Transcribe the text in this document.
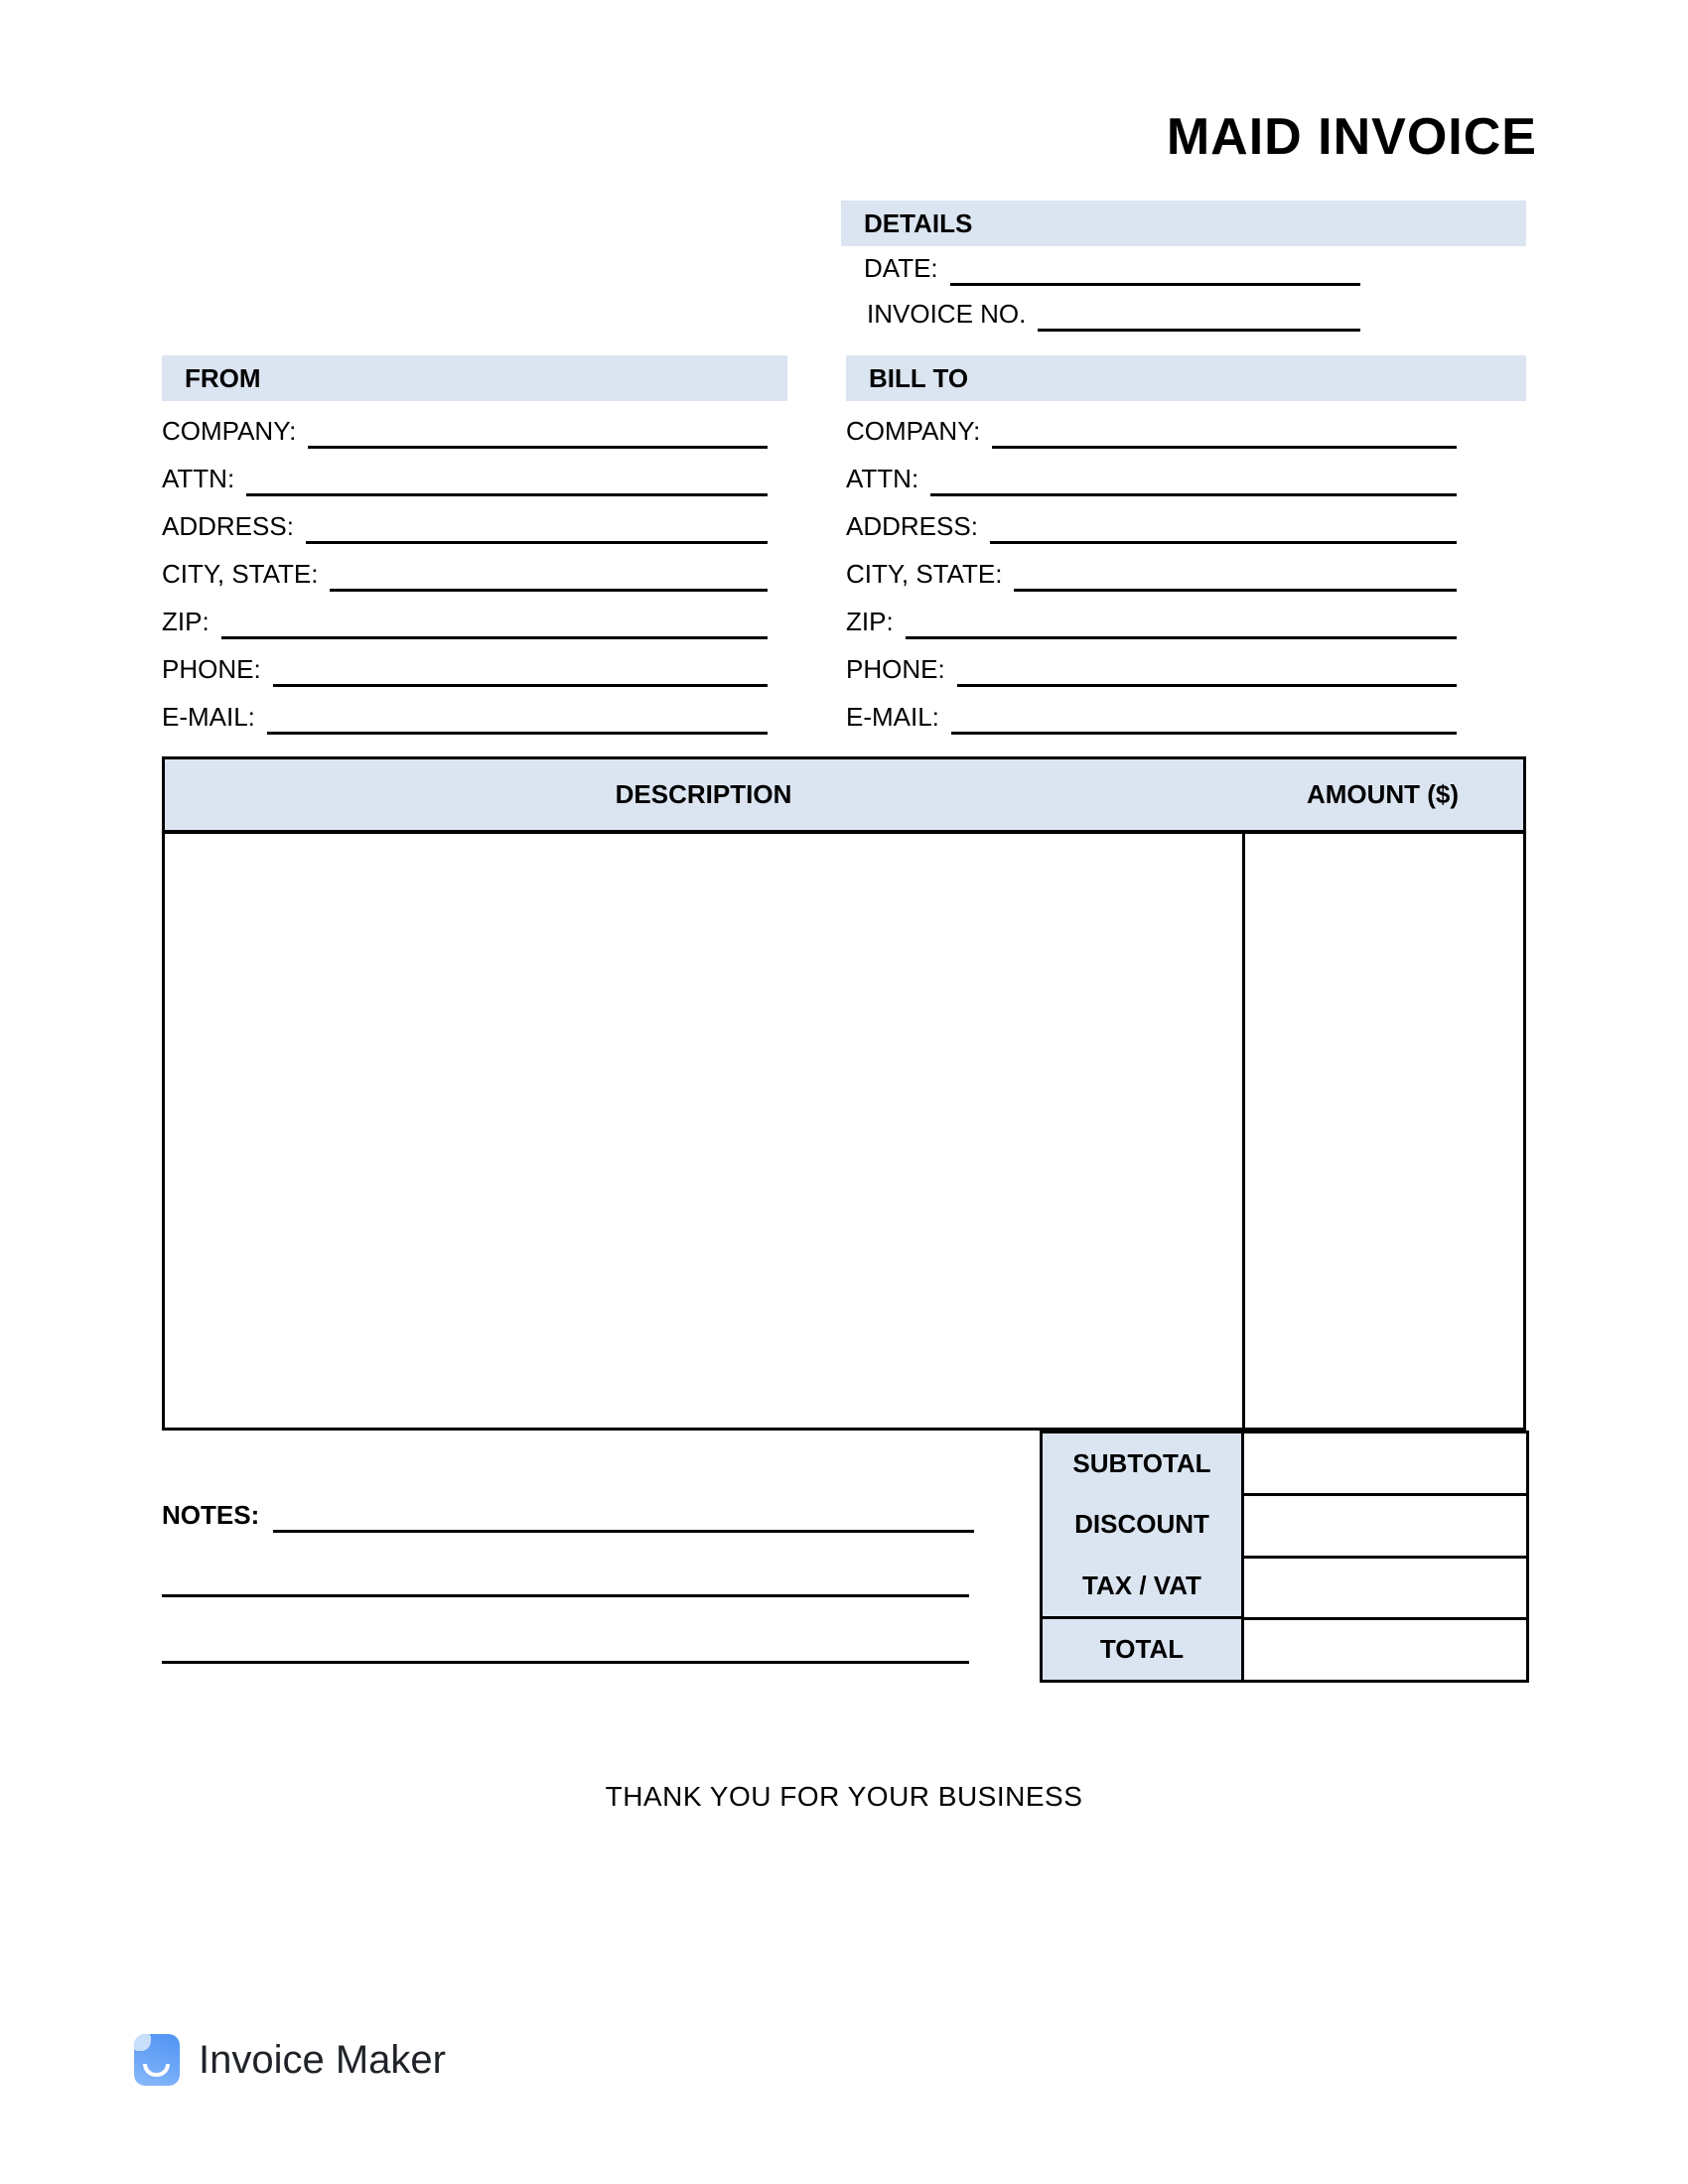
MAID INVOICE
DETAILS
DATE:
INVOICE NO.
FROM
COMPANY:
ATTN:
ADDRESS:
CITY, STATE:
ZIP:
PHONE:
E-MAIL:
BILL TO
COMPANY:
ATTN:
ADDRESS:
CITY, STATE:
ZIP:
PHONE:
E-MAIL:
DESCRIPTION	AMOUNT ($)
SUBTOTAL
DISCOUNT
TAX / VAT
TOTAL
NOTES:
THANK YOU FOR YOUR BUSINESS
Invoice Maker
